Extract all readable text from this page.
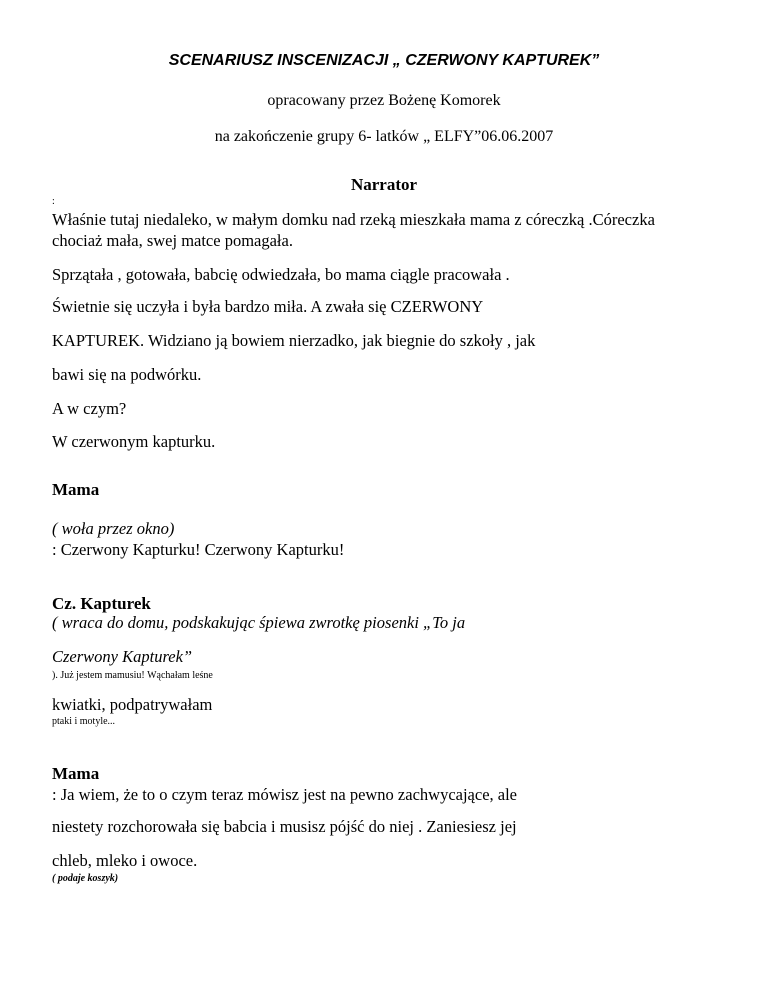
SCENARIUSZ INSCENIZACJI „ CZERWONY KAPTUREK”
opracowany przez Bożenę Komorek
na zakończenie grupy 6- latków „ ELFY”06.06.2007
Narrator
:
Właśnie tutaj niedaleko, w małym domku nad rzeką mieszkała mama z córeczką .Córeczka
chociaż mała, swej matce pomagała.
Sprzątała , gotowała, babcię odwiedzała, bo mama ciągle pracowała .
Świetnie się uczyła i była bardzo miła. A zwała się CZERWONY
KAPTUREK. Widziano ją bowiem nierzadko, jak biegnie do szkoły , jak
bawi się na podwórku.
A w czym?
W czerwonym kapturku.
Mama
( woła przez okno)
: Czerwony Kapturku! Czerwony Kapturku!
Cz. Kapturek
( wraca do domu, podskakując śpiewa zwrotkę piosenki „To ja
Czerwony Kapturek”
). Już jestem mamusiu! Wąchałam leśne
kwiatki, podpatrywałam
ptaki i motyle...
Mama
: Ja wiem, że to o czym teraz mówisz jest na pewno zachwycające, ale
niestety rozchorowała się babcia i musisz pójść do niej . Zaniesiesz jej
chleb, mleko i owoce.
( podaje koszyk)
